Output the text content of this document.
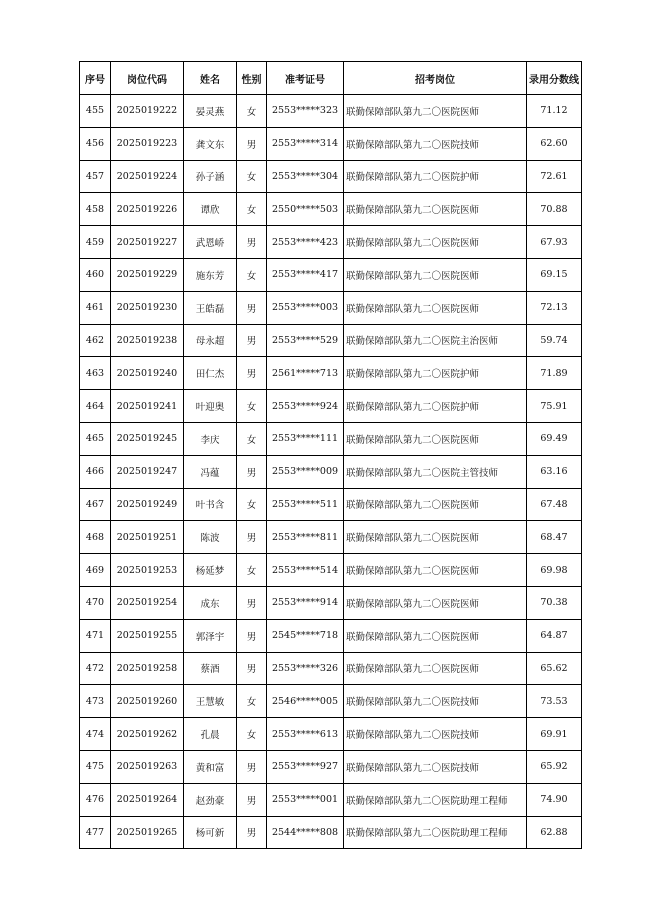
序号	岗位代码	姓名	性别	准考证号	招考岗位	录用分数线
455	2025019222	晏灵燕	女	2553*****323	联勤保障部队第九二〇医院医师	71.12
456	2025019223	龚文东	男	2553*****314	联勤保障部队第九二〇医院技师	62.60
457	2025019224	孙子涵	女	2553*****304	联勤保障部队第九二〇医院护师	72.61
458	2025019226	谭欣	女	2550*****503	联勤保障部队第九二〇医院医师	70.88
459	2025019227	武恩峤	男	2553*****423	联勤保障部队第九二〇医院医师	67.93
460	2025019229	施东芳	女	2553*****417	联勤保障部队第九二〇医院医师	69.15
461	2025019230	王皓磊	男	2553*****003	联勤保障部队第九二〇医院医师	72.13
462	2025019238	母永超	男	2553*****529	联勤保障部队第九二〇医院主治医师	59.74
463	2025019240	田仁杰	男	2561*****713	联勤保障部队第九二〇医院护师	71.89
464	2025019241	叶迎奥	女	2553*****924	联勤保障部队第九二〇医院护师	75.91
465	2025019245	李庆	女	2553*****111	联勤保障部队第九二〇医院医师	69.49
466	2025019247	冯蕴	男	2553*****009	联勤保障部队第九二〇医院主管技师	63.16
467	2025019249	叶书含	女	2553*****511	联勤保障部队第九二〇医院医师	67.48
468	2025019251	陈波	男	2553*****811	联勤保障部队第九二〇医院医师	68.47
469	2025019253	杨延梦	女	2553*****514	联勤保障部队第九二〇医院医师	69.98
470	2025019254	成东	男	2553*****914	联勤保障部队第九二〇医院医师	70.38
471	2025019255	郭泽宇	男	2545*****718	联勤保障部队第九二〇医院医师	64.87
472	2025019258	蔡酒	男	2553*****326	联勤保障部队第九二〇医院医师	65.62
473	2025019260	王慧敏	女	2546*****005	联勤保障部队第九二〇医院技师	73.53
474	2025019262	孔晨	女	2553*****613	联勤保障部队第九二〇医院技师	69.91
475	2025019263	黄和富	男	2553*****927	联勤保障部队第九二〇医院技师	65.92
476	2025019264	赵劲豪	男	2553*****001	联勤保障部队第九二〇医院助理工程师	74.90
477	2025019265	杨可新	男	2544*****808	联勤保障部队第九二〇医院助理工程师	62.88
